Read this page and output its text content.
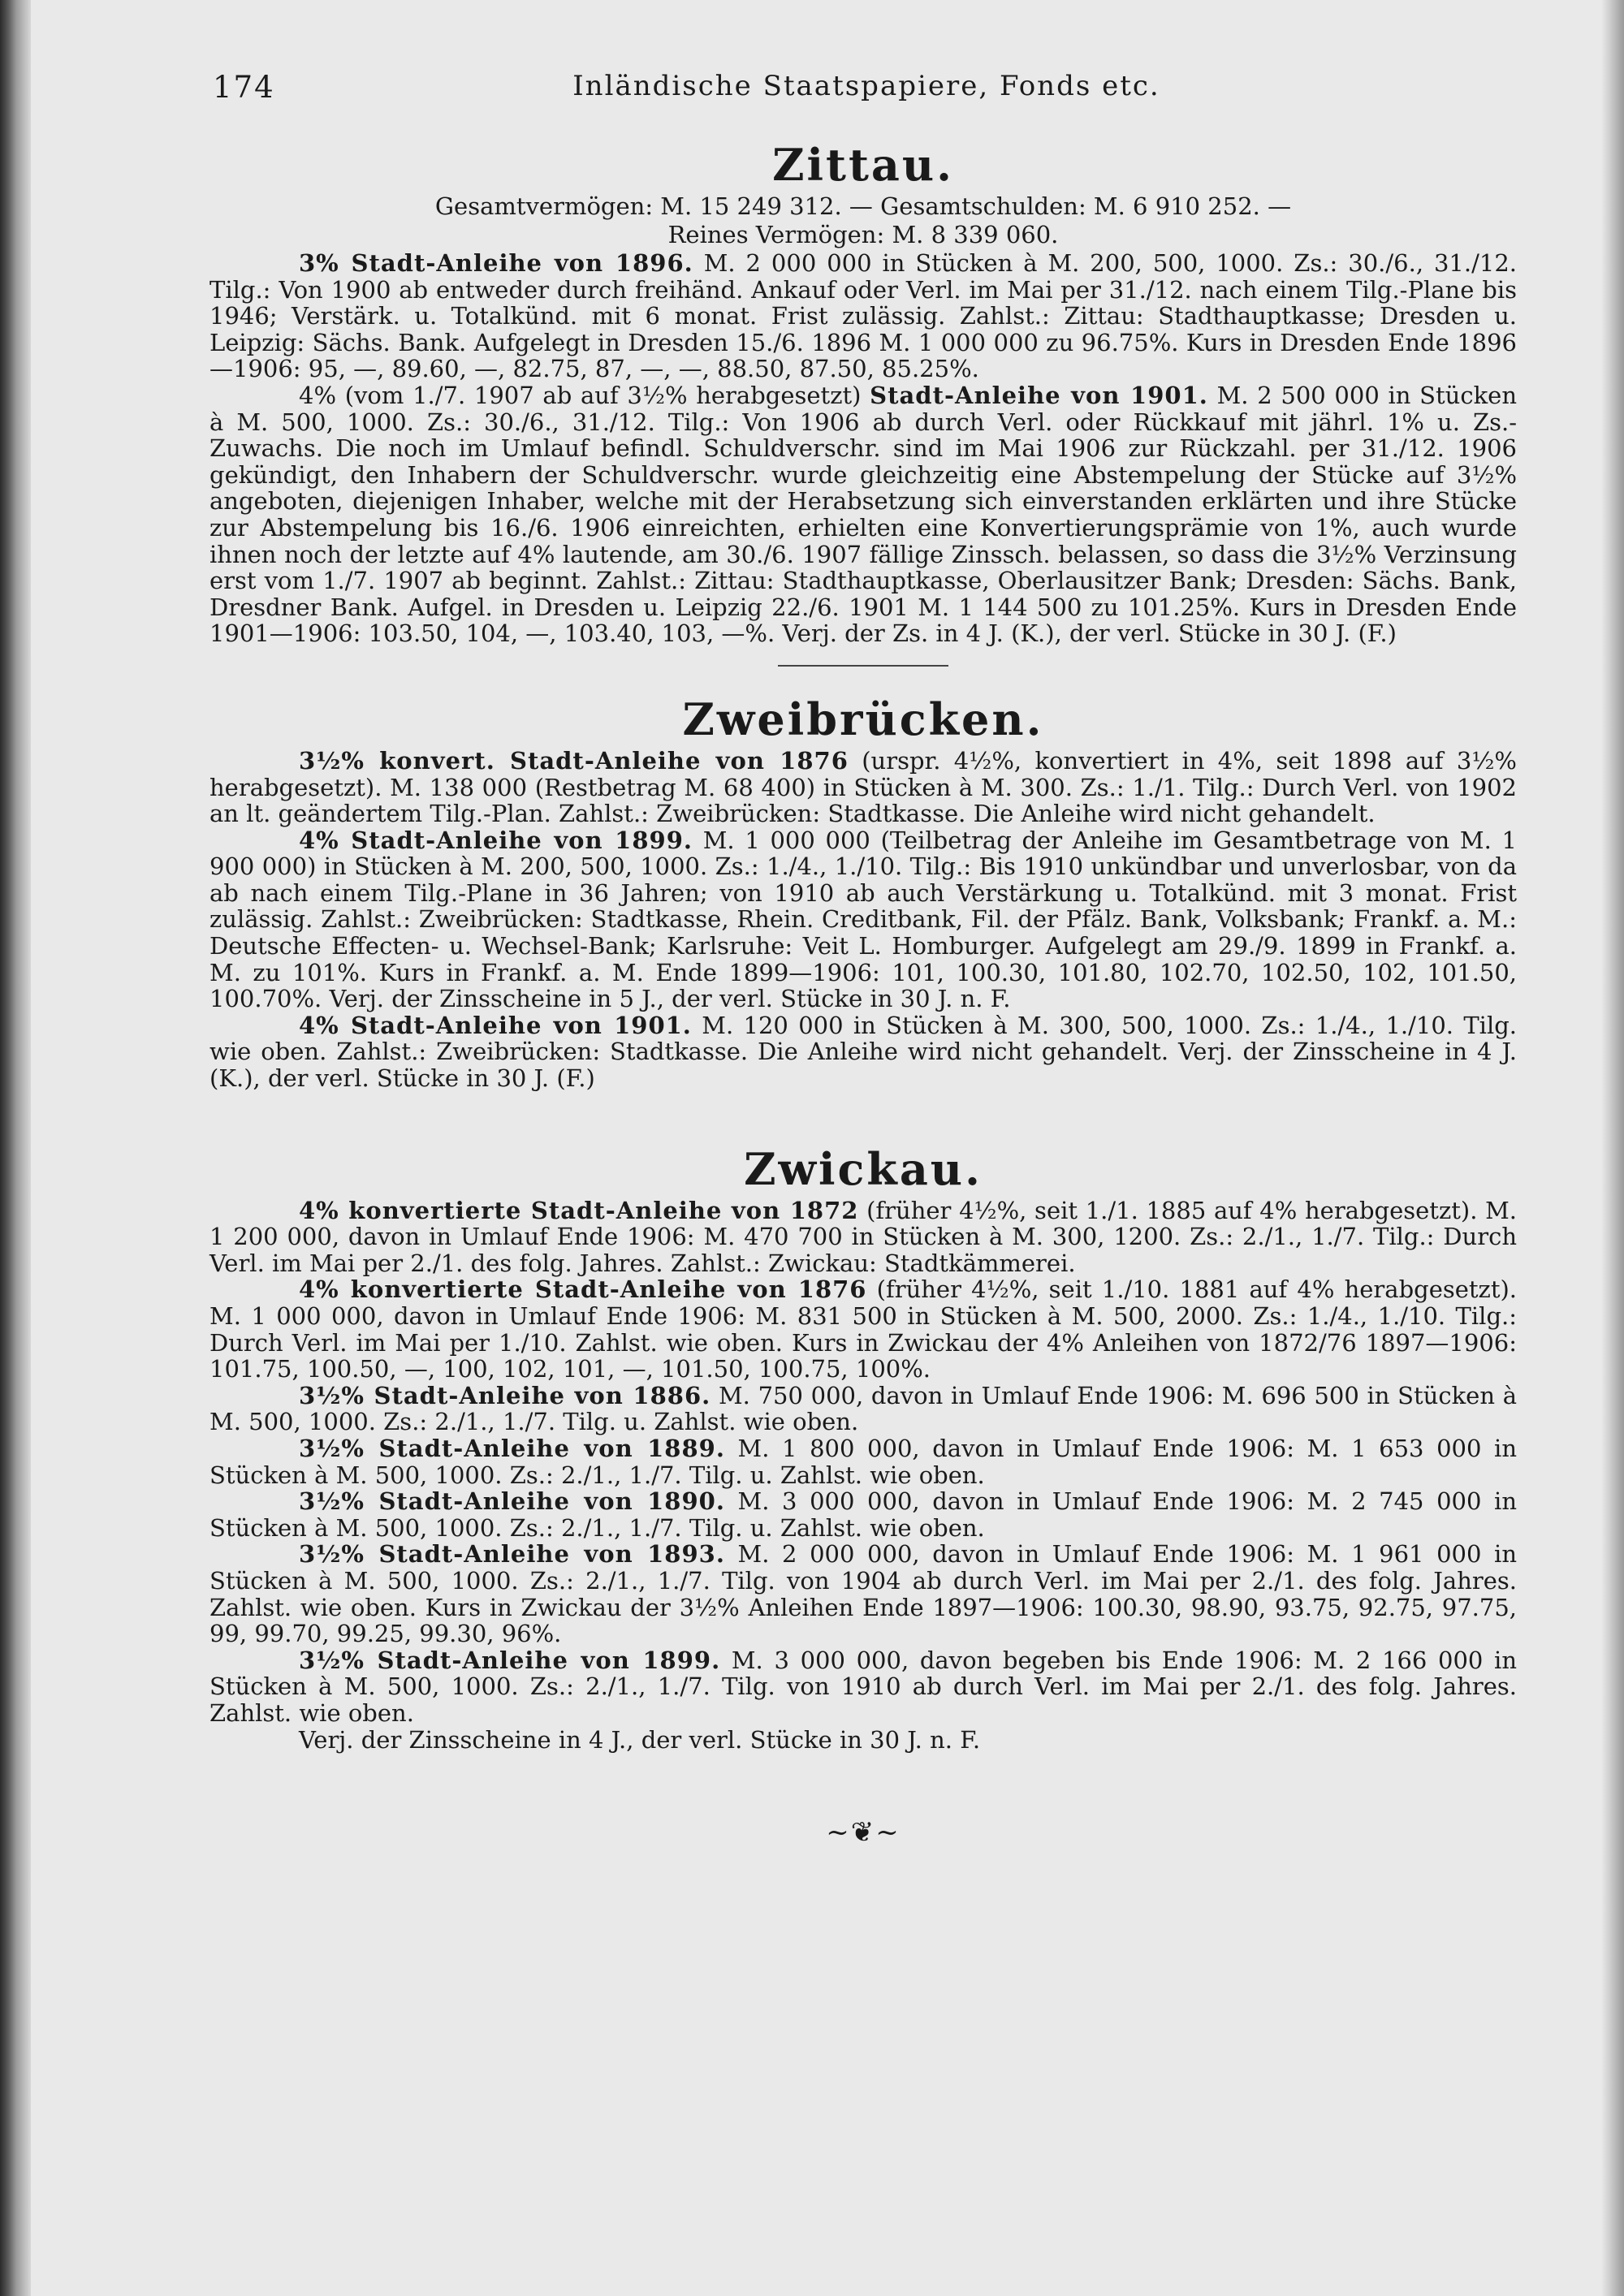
174	Inländische Staatspapiere, Fonds etc.
Zittau.
Gesamtvermögen: M. 15 249 312. — Gesamtschulden: M. 6 910 252. —
Reines Vermögen: M. 8 339 060.

3% Stadt-Anleihe von 1896. M. 2 000 000 in Stücken à M. 200, 500, 1000. Zs.: 30./6., 31./12. Tilg.: Von 1900 ab entweder durch freihänd. Ankauf oder Verl. im Mai per 31./12. nach einem Tilg.-Plane bis 1946; Verstärk. u. Totalkünd. mit 6 monat. Frist zulässig. Zahlst.: Zittau: Stadthauptkasse; Dresden u. Leipzig: Sächs. Bank. Aufgelegt in Dresden 15./6. 1896 M. 1 000 000 zu 96.75%. Kurs in Dresden Ende 1896—1906: 95, —, 89.60, —, 82.75, 87, —, —, 88.50, 87.50, 85.25%.

4% (vom 1./7. 1907 ab auf 3½% herabgesetzt) Stadt-Anleihe von 1901. M. 2 500 000 in Stücken à M. 500, 1000. Zs.: 30./6., 31./12. Tilg.: Von 1906 ab durch Verl. oder Rückkauf mit jährl. 1% u. Zs.-Zuwachs. Die noch im Umlauf befindl. Schuldverschr. sind im Mai 1906 zur Rückzahl. per 31./12. 1906 gekündigt, den Inhabern der Schuldverschr. wurde gleichzeitig eine Abstempelung der Stücke auf 3½% angeboten, diejenigen Inhaber, welche mit der Herabsetzung sich einverstanden erklärten und ihre Stücke zur Abstempelung bis 16./6. 1906 einreichten, erhielten eine Konvertierungsprämie von 1%, auch wurde ihnen noch der letzte auf 4% lautende, am 30./6. 1907 fällige Zinssch. belassen, so dass die 3½% Verzinsung erst vom 1./7. 1907 ab beginnt. Zahlst.: Zittau: Stadthauptkasse, Oberlausitzer Bank; Dresden: Sächs. Bank, Dresdner Bank. Aufgel. in Dresden u. Leipzig 22./6. 1901 M. 1 144 500 zu 101.25%. Kurs in Dresden Ende 1901—1906: 103.50, 104, —, 103.40, 103, —%. Verj. der Zs. in 4 J. (K.), der verl. Stücke in 30 J. (F.)

Zweibrücken.

3½% konvert. Stadt-Anleihe von 1876 (urspr. 4½%, konvertiert in 4%, seit 1898 auf 3½% herabgesetzt). M. 138 000 (Restbetrag M. 68 400) in Stücken à M. 300. Zs.: 1./1. Tilg.: Durch Verl. von 1902 an lt. geändertem Tilg.-Plan. Zahlst.: Zweibrücken: Stadtkasse. Die Anleihe wird nicht gehandelt.

4% Stadt-Anleihe von 1899. M. 1 000 000 (Teilbetrag der Anleihe im Gesamtbetrage von M. 1 900 000) in Stücken à M. 200, 500, 1000. Zs.: 1./4., 1./10. Tilg.: Bis 1910 unkündbar und unverlosbar, von da ab nach einem Tilg.-Plane in 36 Jahren; von 1910 ab auch Verstärkung u. Totalkünd. mit 3 monat. Frist zulässig. Zahlst.: Zweibrücken: Stadtkasse, Rhein. Creditbank, Fil. der Pfälz. Bank, Volksbank; Frankf. a. M.: Deutsche Effecten- u. Wechsel-Bank; Karlsruhe: Veit L. Homburger. Aufgelegt am 29./9. 1899 in Frankf. a. M. zu 101%. Kurs in Frankf. a. M. Ende 1899—1906: 101, 100.30, 101.80, 102.70, 102.50, 102, 101.50, 100.70%. Verj. der Zinsscheine in 5 J., der verl. Stücke in 30 J. n. F.

4% Stadt-Anleihe von 1901. M. 120 000 in Stücken à M. 300, 500, 1000. Zs.: 1./4., 1./10. Tilg. wie oben. Zahlst.: Zweibrücken: Stadtkasse. Die Anleihe wird nicht gehandelt. Verj. der Zinsscheine in 4 J. (K.), der verl. Stücke in 30 J. (F.)

Zwickau.

4% konvertierte Stadt-Anleihe von 1872 (früher 4½%, seit 1./1. 1885 auf 4% herabgesetzt). M. 1 200 000, davon in Umlauf Ende 1906: M. 470 700 in Stücken à M. 300, 1200. Zs.: 2./1., 1./7. Tilg.: Durch Verl. im Mai per 2./1. des folg. Jahres. Zahlst.: Zwickau: Stadtkämmerei.

4% konvertierte Stadt-Anleihe von 1876 (früher 4½%, seit 1./10. 1881 auf 4% herabgesetzt). M. 1 000 000, davon in Umlauf Ende 1906: M. 831 500 in Stücken à M. 500, 2000. Zs.: 1./4., 1./10. Tilg.: Durch Verl. im Mai per 1./10. Zahlst. wie oben. Kurs in Zwickau der 4% Anleihen von 1872/76 1897—1906: 101.75, 100.50, —, 100, 102, 101, —, 101.50, 100.75, 100%.

3½% Stadt-Anleihe von 1886. M. 750 000, davon in Umlauf Ende 1906: M. 696 500 in Stücken à M. 500, 1000. Zs.: 2./1., 1./7. Tilg. u. Zahlst. wie oben.

3½% Stadt-Anleihe von 1889. M. 1 800 000, davon in Umlauf Ende 1906: M. 1 653 000 in Stücken à M. 500, 1000. Zs.: 2./1., 1./7. Tilg. u. Zahlst. wie oben.

3½% Stadt-Anleihe von 1890. M. 3 000 000, davon in Umlauf Ende 1906: M. 2 745 000 in Stücken à M. 500, 1000. Zs.: 2./1., 1./7. Tilg. u. Zahlst. wie oben.

3½% Stadt-Anleihe von 1893. M. 2 000 000, davon in Umlauf Ende 1906: M. 1 961 000 in Stücken à M. 500, 1000. Zs.: 2./1., 1./7. Tilg. von 1904 ab durch Verl. im Mai per 2./1. des folg. Jahres. Zahlst. wie oben. Kurs in Zwickau der 3½% Anleihen Ende 1897—1906: 100.30, 98.90, 93.75, 92.75, 97.75, 99, 99.70, 99.25, 99.30, 96%.

3½% Stadt-Anleihe von 1899. M. 3 000 000, davon begeben bis Ende 1906: M. 2 166 000 in Stücken à M. 500, 1000. Zs.: 2./1., 1./7. Tilg. von 1910 ab durch Verl. im Mai per 2./1. des folg. Jahres. Zahlst. wie oben.

Verj. der Zinsscheine in 4 J., der verl. Stücke in 30 J. n. F.

~❦~
